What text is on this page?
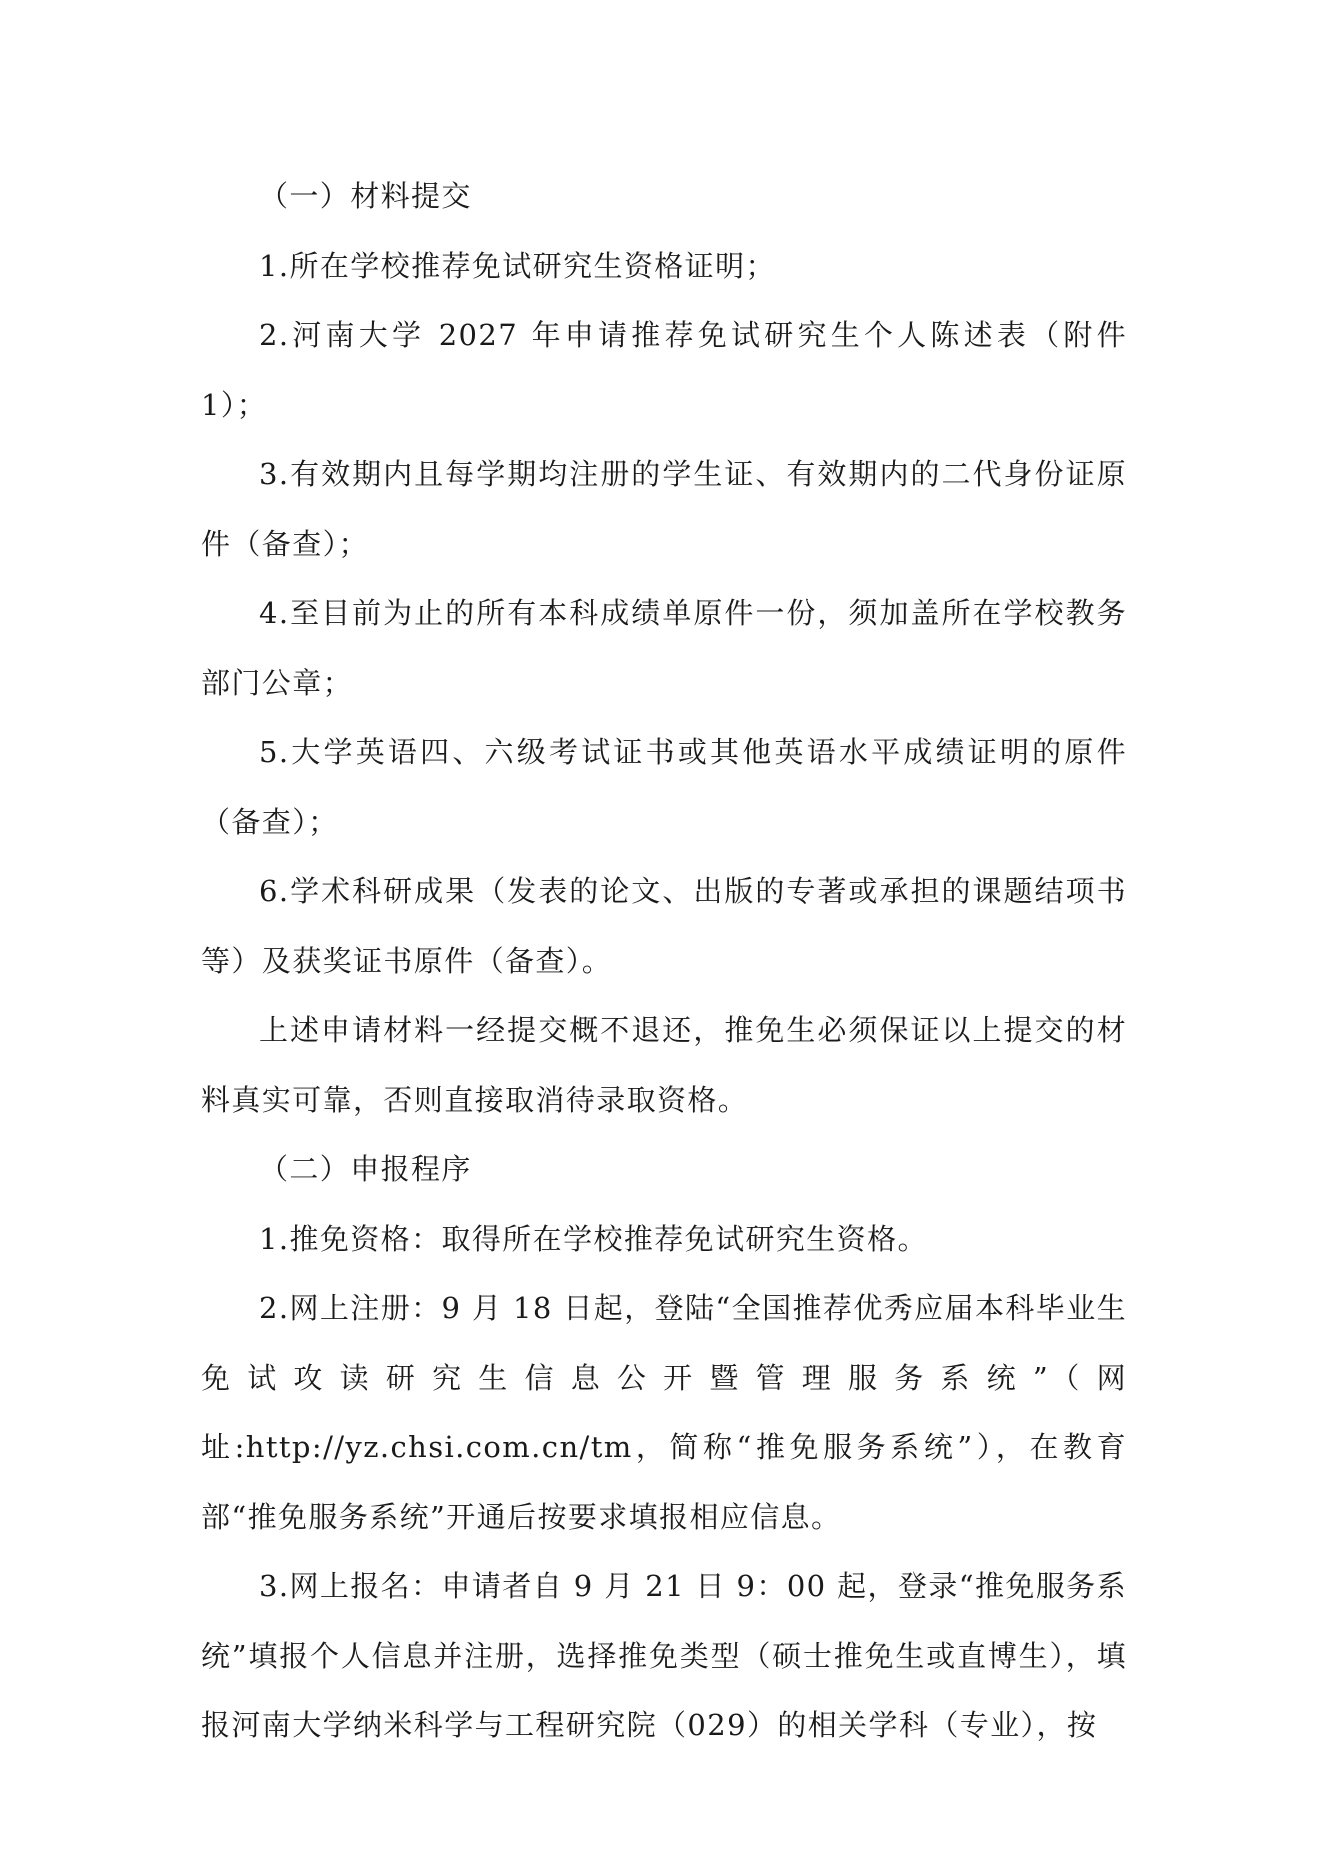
（一）材料提交

1.所在学校推荐免试研究生资格证明；

2.河南大学 2027 年申请推荐免试研究生个人陈述表（附件 1）；

3.有效期内且每学期均注册的学生证、有效期内的二代身份证原件（备查）；

4.至目前为止的所有本科成绩单原件一份，须加盖所在学校教务部门公章；

5.大学英语四、六级考试证书或其他英语水平成绩证明的原件（备查）；

6.学术科研成果（发表的论文、出版的专著或承担的课题结项书等）及获奖证书原件（备查）。

上述申请材料一经提交概不退还，推免生必须保证以上提交的材料真实可靠，否则直接取消待录取资格。

（二）申报程序

1.推免资格：取得所在学校推荐免试研究生资格。

2.网上注册：9 月 18 日起，登陆“全国推荐优秀应届本科毕业生免试攻读研究生信息公开暨管理服务系统”（网址:http://yz.chsi.com.cn/tm，简称“推免服务系统”），在教育部“推免服务系统”开通后按要求填报相应信息。

3.网上报名：申请者自 9 月 21 日 9：00 起，登录“推免服务系统”填报个人信息并注册，选择推免类型（硕士推免生或直博生），填报河南大学纳米科学与工程研究院（029）的相关学科（专业），按
